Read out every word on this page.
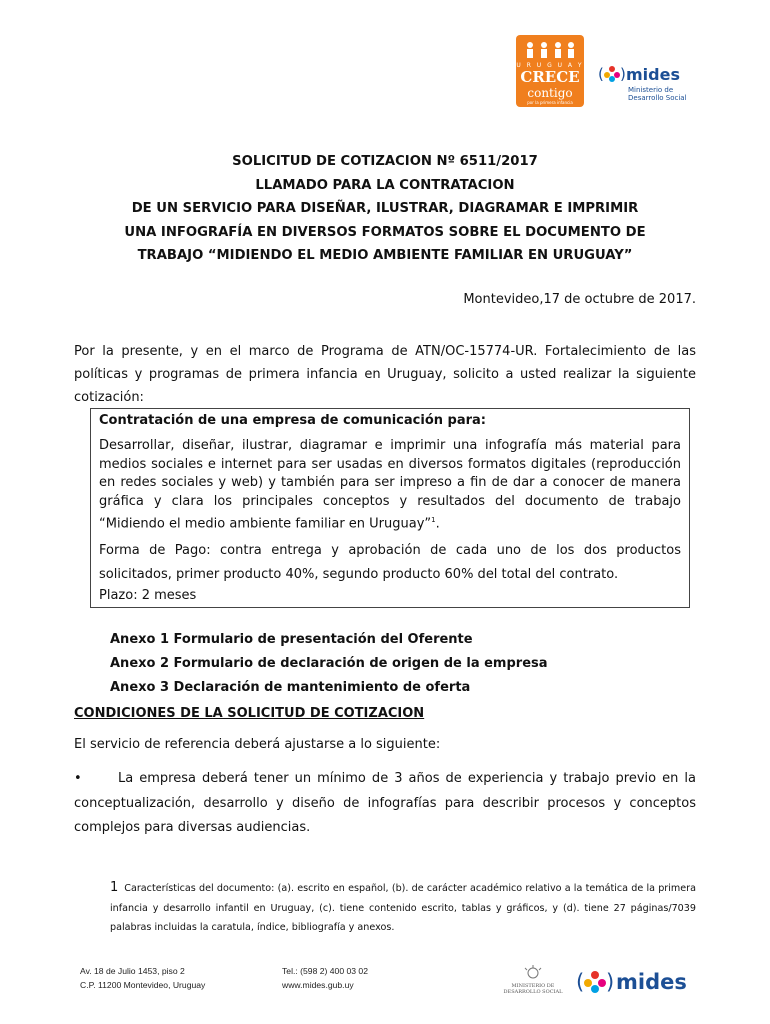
U R U G U A Y
CRECE
contigo
por la primera infancia
( ) mides
Ministerio de
Desarrollo Social
SOLICITUD DE COTIZACION Nº 6511/2017
LLAMADO PARA LA CONTRATACION
DE UN SERVICIO PARA DISEÑAR, ILUSTRAR, DIAGRAMAR E IMPRIMIR
UNA INFOGRAFÍA EN DIVERSOS FORMATOS SOBRE EL DOCUMENTO DE
TRABAJO “MIDIENDO EL MEDIO AMBIENTE FAMILIAR EN URUGUAY”
Montevideo,17 de octubre de 2017.
Por la presente, y en el marco de Programa de ATN/OC-15774-UR. Fortalecimiento de las políticas y programas de primera infancia en Uruguay, solicito a usted realizar la siguiente cotización:
Contratación de una empresa de comunicación para:
Desarrollar, diseñar, ilustrar, diagramar e imprimir una infografía más material para medios sociales e internet para ser usadas en diversos formatos digitales (reproducción en redes sociales y web) y también para ser impreso a fin de dar a conocer de manera gráfica y clara los principales conceptos y resultados del documento de trabajo “Midiendo el medio ambiente familiar en Uruguay”$^1$.
Forma de Pago: contra entrega y aprobación de cada uno de los dos productos solicitados, primer producto 40%, segundo producto 60% del total del contrato.
Plazo: 2 meses
Anexo 1 Formulario de presentación del Oferente
Anexo 2 Formulario de declaración de origen de la empresa
Anexo 3 Declaración de mantenimiento de oferta
CONDICIONES DE LA SOLICITUD DE COTIZACION
El servicio de referencia deberá ajustarse a lo siguiente:
•	La empresa deberá tener un mínimo de 3 años de experiencia y trabajo previo en la conceptualización, desarrollo y diseño de infografías para describir procesos y conceptos complejos para diversas audiencias.
1 Características del documento: (a). escrito en español, (b). de carácter académico relativo a la temática de la primera infancia y desarrollo infantil en Uruguay, (c). tiene contenido escrito, tablas y gráficos, y (d). tiene 27 páginas/7039 palabras incluidas la caratula, índice, bibliografía y anexos.
Av. 18 de Julio 1453, piso 2
C.P. 11200 Montevideo, Uruguay
Tel.: (598 2) 400 03 02
www.mides.gub.uy	MINISTERIO DE
DESARROLLO SOCIAL ( ) mides
